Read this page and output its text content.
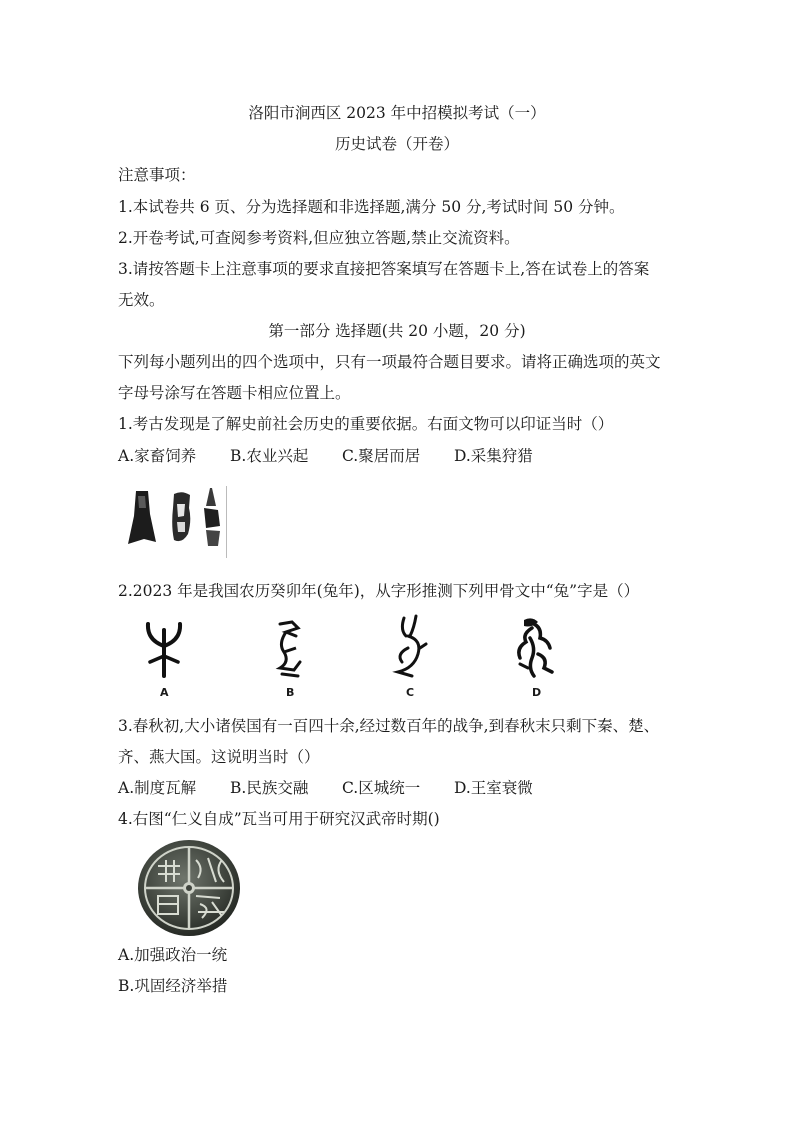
洛阳市涧西区 2023 年中招模拟考试（一）
历史试卷（开卷）
注意事项：
1.本试卷共 6 页、分为选择题和非选择题,满分 50 分,考试时间 50 分钟。
2.开卷考试,可查阅参考资料,但应独立答题,禁止交流资料。
3.请按答题卡上注意事项的要求直接把答案填写在答题卡上,答在试卷上的答案
无效。
第一部分 选择题(共 20 小题，20 分)
下列每小题列出的四个选项中，只有一项最符合题目要求。请将正确选项的英文
字母号涂写在答题卡相应位置上。
1.考古发现是了解史前社会历史的重要依据。右面文物可以印证当时（）
A.家畜饲养 B.农业兴起 C.聚居而居 D.采集狩猎
2.2023 年是我国农历癸卯年(兔年)，从字形推测下列甲骨文中“兔”字是（）
A	B	C	D
3.春秋初,大小诸侯国有一百四十余,经过数百年的战争,到春秋末只剩下秦、楚、
齐、燕大国。这说明当时（）
A.制度瓦解 B.民族交融 C.区城统一 D.王室衰微
4.右图“仁义自成”瓦当可用于研究汉武帝时期()
A.加强政治一统
B.巩固经济举措
